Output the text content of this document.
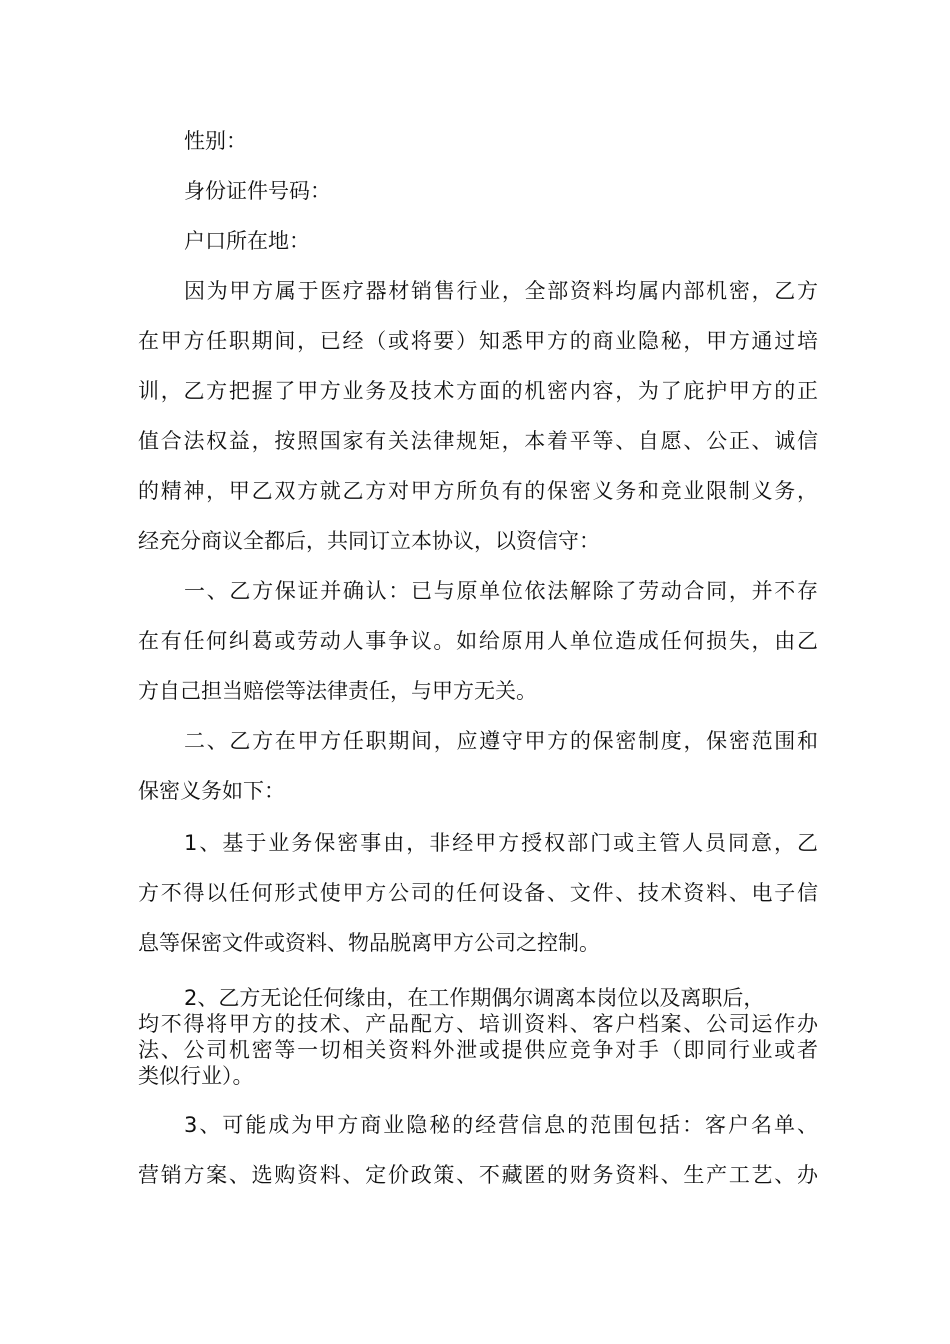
性别：
身份证件号码：
户口所在地：
因为甲方属于医疗器材销售行业，全部资料均属内部机密，乙方
在甲方任职期间，已经（或将要）知悉甲方的商业隐秘，甲方通过培
训，乙方把握了甲方业务及技术方面的机密内容，为了庇护甲方的正
值合法权益，按照国家有关法律规矩，本着平等、自愿、公正、诚信
的精神，甲乙双方就乙方对甲方所负有的保密义务和竞业限制义务，
经充分商议全都后，共同订立本协议，以资信守：
一、乙方保证并确认：已与原单位依法解除了劳动合同，并不存
在有任何纠葛或劳动人事争议。如给原用人单位造成任何损失，由乙
方自己担当赔偿等法律责任，与甲方无关。
二、乙方在甲方任职期间，应遵守甲方的保密制度，保密范围和
保密义务如下：
1、基于业务保密事由，非经甲方授权部门或主管人员同意，乙
方不得以任何形式使甲方公司的任何设备、文件、技术资料、电子信
息等保密文件或资料、物品脱离甲方公司之控制。
2、乙方无论任何缘由，在工作期偶尔调离本岗位以及离职后，
均不得将甲方的技术、产品配方、培训资料、客户档案、公司运作办
法、公司机密等一切相关资料外泄或提供应竞争对手（即同行业或者
类似行业）。
3、可能成为甲方商业隐秘的经营信息的范围包括：客户名单、
营销方案、选购资料、定价政策、不藏匿的财务资料、生产工艺、办
